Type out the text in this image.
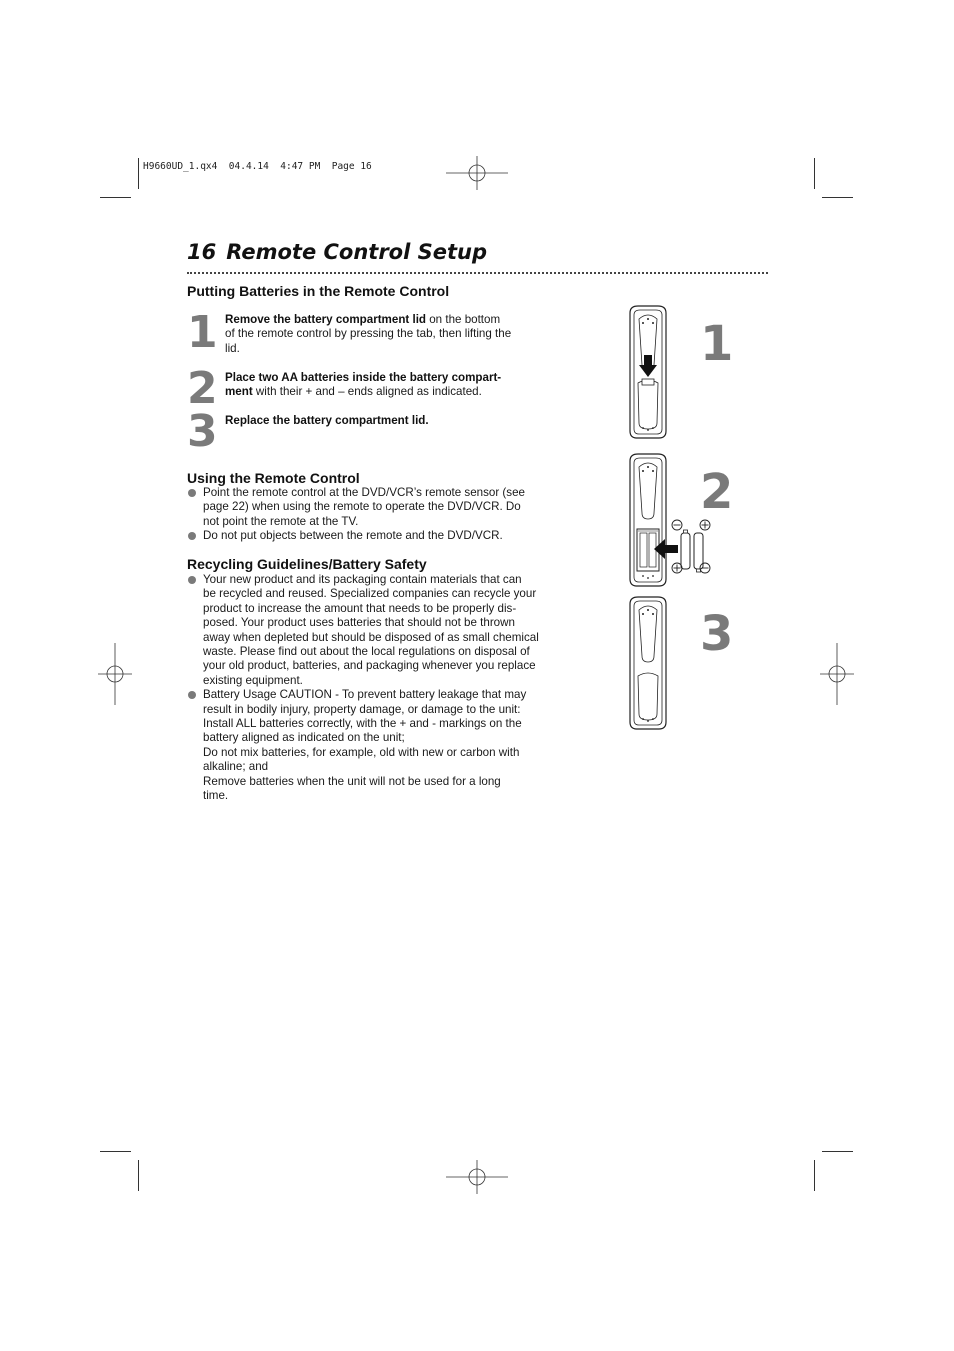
H9660UD_1.qx4  04.4.14  4:47 PM  Page 16
16 Remote Control Setup
Putting Batteries in the Remote Control
1 Remove the battery compartment lid on the bottom
of the remote control by pressing the tab, then lifting the
lid.
2 Place two AA batteries inside the battery compart-
ment with their + and – ends aligned as indicated.
3 Replace the battery compartment lid.
Using the Remote Control
Point the remote control at the DVD/VCR’s remote sensor (see
page 22) when using the remote to operate the DVD/VCR. Do
not point the remote at the TV.
Do not put objects between the remote and the DVD/VCR.
Recycling Guidelines/Battery Safety
Your new product and its packaging contain materials that can
be recycled and reused. Specialized companies can recycle your
product to increase the amount that needs to be properly dis-
posed. Your product uses batteries that should not be thrown
away when depleted but should be disposed of as small chemical
waste. Please find out about the local regulations on disposal of
your old product, batteries, and packaging whenever you replace
existing equipment.
Battery Usage CAUTION - To prevent battery leakage that may
result in bodily injury, property damage, or damage to the unit:
Install ALL batteries correctly, with the + and - markings on the
battery aligned as indicated on the unit;
Do not mix batteries, for example, old with new or carbon with
alkaline; and
Remove batteries when the unit will not be used for a long
time.
1
2
3
